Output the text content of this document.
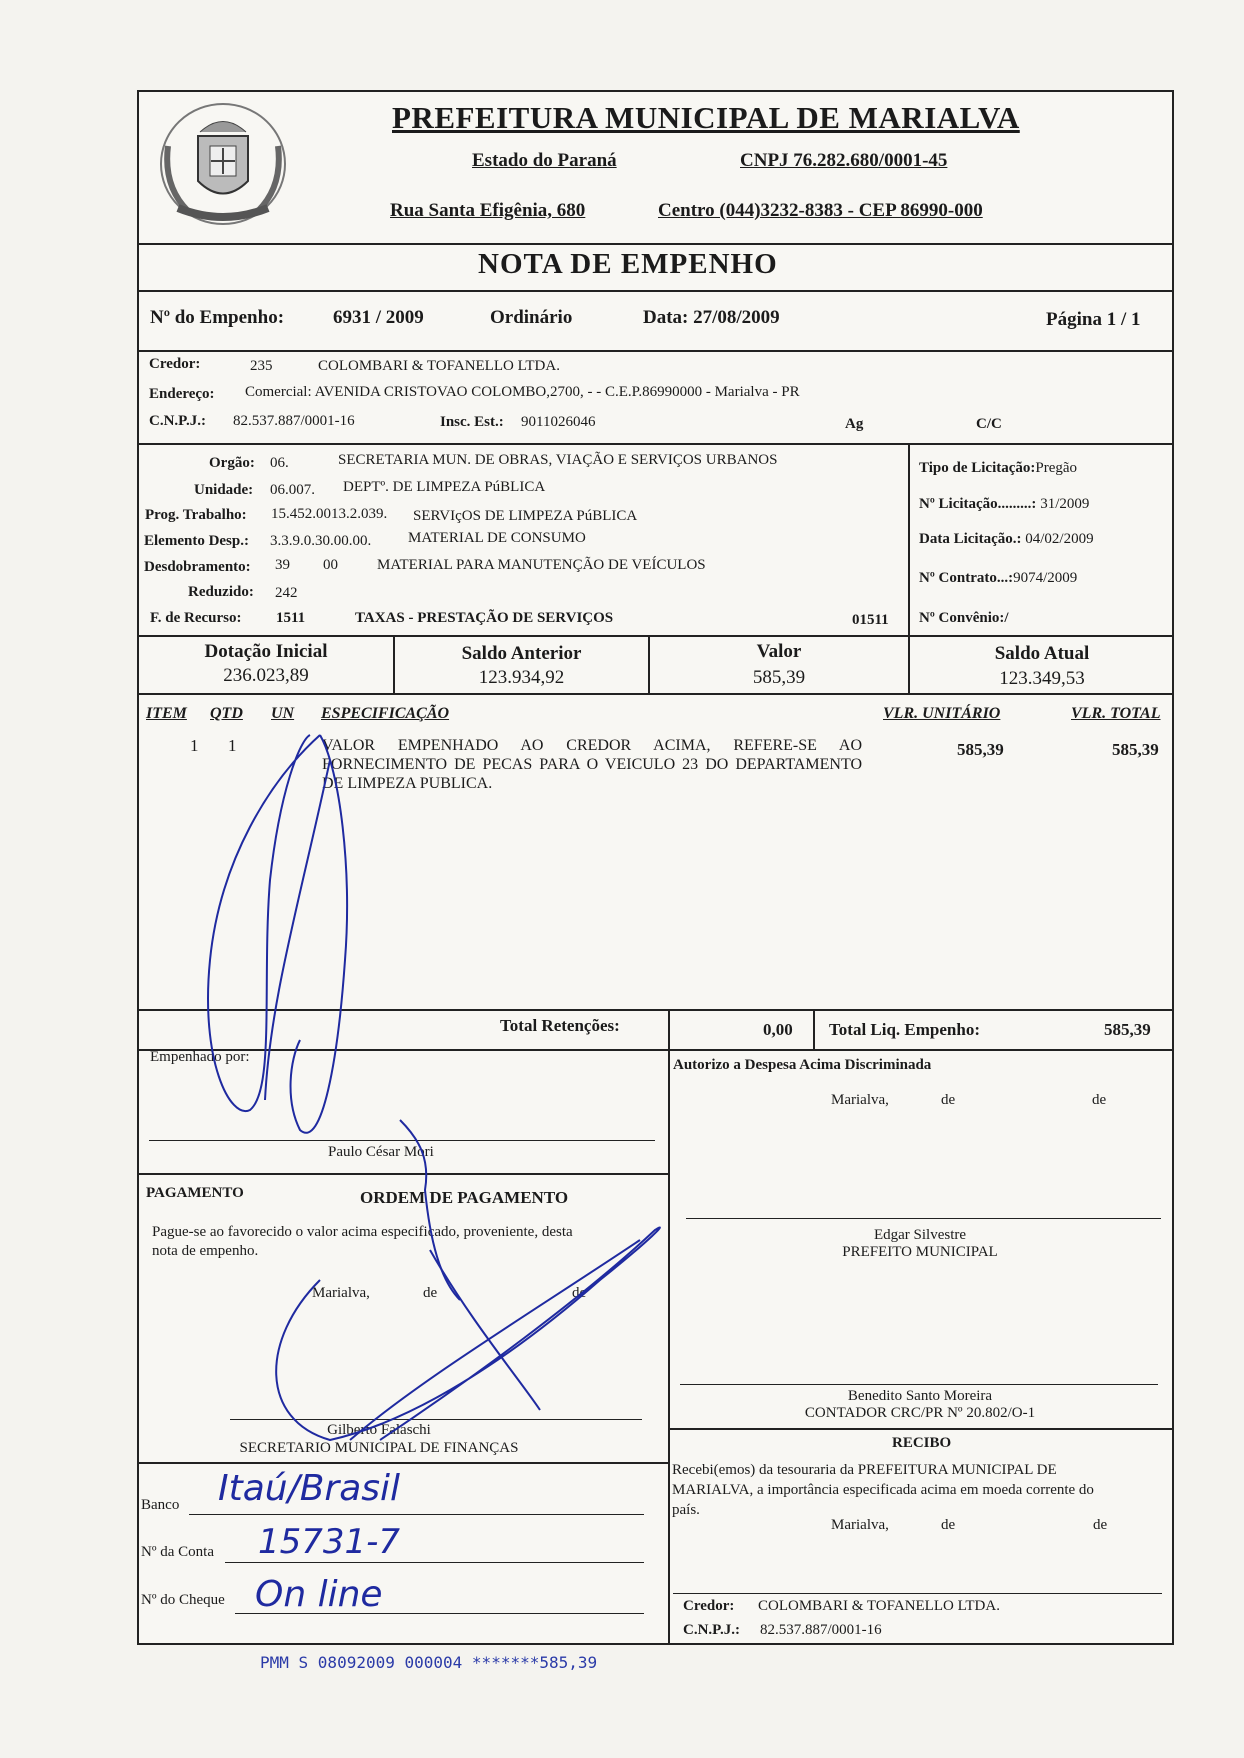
PREFEITURA MUNICIPAL DE MARIALVA
Estado do Paraná	CNPJ 76.282.680/0001-45
Rua Santa Efigênia, 680	Centro (044)3232-8383 - CEP 86990-000
NOTA DE EMPENHO
Nº do Empenho:	6931 / 2009	Ordinário	Data: 27/08/2009	Página 1 / 1
Credor:	235	COLOMBARI & TOFANELLO LTDA.
Endereço: Comercial: AVENIDA CRISTOVAO COLOMBO,2700, - - C.E.P.86990000 - Marialva - PR
C.N.P.J.: 82.537.887/0001-16	Insc. Est.: 9011026046	Ag	C/C
Orgão: 06.	SECRETARIA MUN. DE OBRAS, VIAÇÃO E SERVIÇOS URBANOS
Unidade: 06.007. DEPTº. DE LIMPEZA PúBLICA
Prog. Trabalho: 15.452.0013.2.039. SERVIçOS DE LIMPEZA PúBLICA
Elemento Desp.: 3.3.9.0.30.00.00. MATERIAL DE CONSUMO
Desdobramento: 39 00	MATERIAL PARA MANUTENÇÃO DE VEÍCULOS
Reduzido: 242
F. de Recurso: 1511	TAXAS - PRESTAÇÃO DE SERVIÇOS	01511
Tipo de Licitação:Pregão
Nº Licitação.........: 31/2009
Data Licitação.: 04/02/2009
Nº Contrato...:9074/2009
Nº Convênio:/
Dotação Inicial
236.023,89
Saldo Anterior
123.934,92
Valor
585,39
Saldo Atual
123.349,53
ITEM QTD UN ESPECIFICAÇÃO	VLR. UNITÁRIO	VLR. TOTAL
1 1	VALOR EMPENHADO AO CREDOR ACIMA, REFERE-SE AO FORNECIMENTO DE PECAS PARA O VEICULO 23 DO DEPARTAMENTO DE LIMPEZA PUBLICA.
585,39	585,39
Total Retenções:	0,00 Total Liq. Empenho:	585,39
Empenhado por:
Paulo César Mori
Autorizo a Despesa Acima Discriminada
Marialva,	de	de
Edgar Silvestre
PREFEITO MUNICIPAL
Benedito Santo Moreira
CONTADOR CRC/PR Nº 20.802/O-1
PAGAMENTO	ORDEM DE PAGAMENTO
Pague-se ao favorecido o valor acima especificado, proveniente, desta
nota de empenho.
Marialva,	de	de
Gilberto Falaschi
SECRETARIO MUNICIPAL DE FINANÇAS
Banco Itaú/Brasil
Nº da Conta 15731-7
Nº do Cheque On line
RECIBO
Recebi(emos) da tesouraria da PREFEITURA MUNICIPAL DE
MARIALVA, a importância especificada acima em moeda corrente do
país.
Marialva,	de	de
Credor: COLOMBARI & TOFANELLO LTDA.
C.N.P.J.: 82.537.887/0001-16
PMM S 08092009 000004 *******585,39
